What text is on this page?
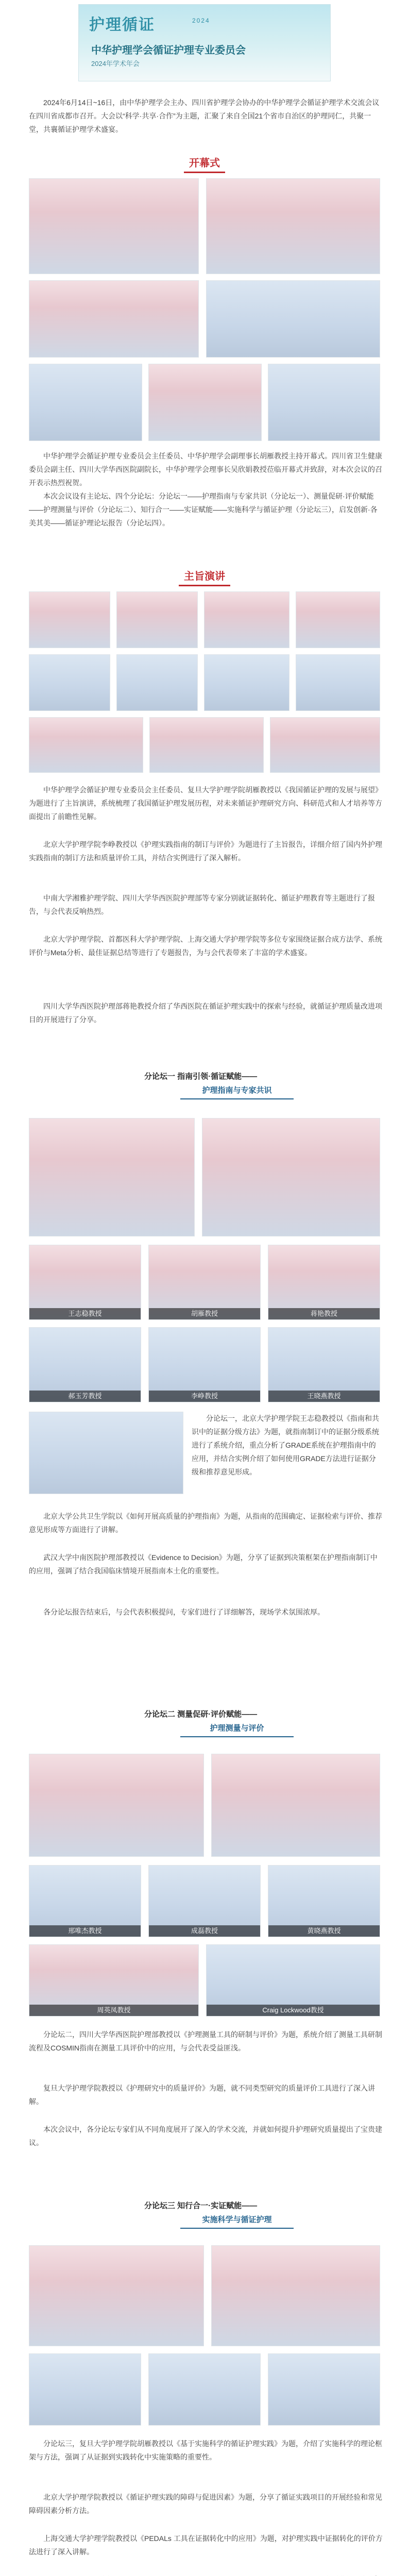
护理循证	2024
中华护理学会循证护理专业委员会
2024年学术年会

2024年6月14日~16日，由中华护理学会主办、四川省护理学会协办的中华护理学会循证护理学术交流会议在四川省成都市召开。大会以“科学·共享·合作”为主题，汇聚了来自全国21个省市自治区的护理同仁，共聚一堂，共襄循证护理学术盛宴。

开幕式

中华护理学会循证护理专业委员会主任委员、中华护理学会副理事长胡雁教授主持开幕式。四川省卫生健康委员会副主任、四川大学华西医院副院长，中华护理学会理事长吴欣娟教授莅临开幕式并致辞，对本次会议的召开表示热烈祝贺。

本次会议设有主论坛、四个分论坛：分论坛一——护理指南与专家共识（分论坛一）、测量促研·评价赋能——护理测量与评价（分论坛二）、知行合一——实证赋能——实施科学与循证护理（分论坛三），启发创新·各美其美——循证护理论坛报告（分论坛四）。

主旨演讲

中华护理学会循证护理专业委员会主任委员、复旦大学护理学院胡雁教授以《我国循证护理的发展与展望》为题进行了主旨演讲，系统梳理了我国循证护理发展历程，对未来循证护理研究方向、科研范式和人才培养等方面提出了前瞻性见解。

北京大学护理学院李峥教授以《护理实践指南的制订与评价》为题进行了主旨报告，详细介绍了国内外护理实践指南的制订方法和质量评价工具，并结合实例进行了深入解析。

中南大学湘雅护理学院、四川大学华西医院护理部等专家分别就证据转化、循证护理教育等主题进行了报告，与会代表反响热烈。

北京大学护理学院、首都医科大学护理学院、上海交通大学护理学院等多位专家围绕证据合成方法学、系统评价与Meta分析、最佳证据总结等进行了专题报告，为与会代表带来了丰富的学术盛宴。

四川大学华西医院护理部蒋艳教授介绍了华西医院在循证护理实践中的探索与经验，就循证护理质量改进项目的开展进行了分享。

分论坛一 指南引领·循证赋能——
护理指南与专家共识
王志稳教授	胡雁教授	蒋艳教授
郝玉芳教授	李峥教授	王晓燕教授

分论坛一，北京大学护理学院王志稳教授以《指南和共识中的证据分级方法》为题，就指南制订中的证据分级系统进行了系统介绍，重点分析了GRADE系统在护理指南中的应用，并结合实例介绍了如何使用GRADE方法进行证据分级和推荐意见形成。

北京大学公共卫生学院以《如何开展高质量的护理指南》为题，从指南的范围确定、证据检索与评价、推荐意见形成等方面进行了讲解。

武汉大学中南医院护理部教授以《Evidence to Decision》为题，分享了证据到决策框架在护理指南制订中的应用，强调了结合我国临床情境开展指南本土化的重要性。

各分论坛报告结束后，与会代表积极提问，专家们进行了详细解答，现场学术氛围浓厚。

分论坛二 测量促研·评价赋能——
护理测量与评价
邢唯杰教授	成磊教授	黄晓燕教授
周英凤教授	Craig Lockwood教授

分论坛二，四川大学华西医院护理部教授以《护理测量工具的研制与评价》为题，系统介绍了测量工具研制流程及COSMIN指南在测量工具评价中的应用，与会代表受益匪浅。

复旦大学护理学院教授以《护理研究中的质量评价》为题，就不同类型研究的质量评价工具进行了深入讲解。

本次会议中，各分论坛专家们从不同角度展开了深入的学术交流，并就如何提升护理研究质量提出了宝贵建议。

分论坛三 知行合一·实证赋能——
实施科学与循证护理

分论坛三，复旦大学护理学院胡雁教授以《基于实施科学的循证护理实践》为题，介绍了实施科学的理论框架与方法，强调了从证据到实践转化中实施策略的重要性。

北京大学护理学院教授以《循证护理实践的障碍与促进因素》为题，分享了循证实践项目的开展经验和常见障碍因素分析方法。

上海交通大学护理学院教授以《PEDALs 工具在证据转化中的应用》为题，对护理实践中证据转化的评价方法进行了深入讲解。
